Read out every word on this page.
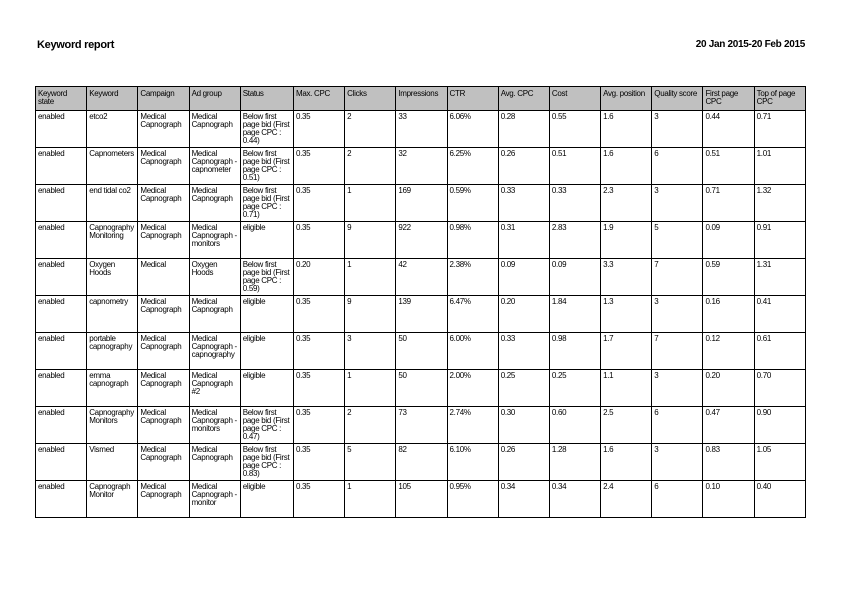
Keyword report	20 Jan 2015-20 Feb 2015
Keyword state	Keyword	Campaign	Ad group	Status	Max. CPC	Clicks	Impressions	CTR	Avg. CPC	Cost	Avg. position	Quality score	First page CPC	Top of page CPC
enabled	etco2	Medical Capnograph	Medical Capnograph	Below first page bid (First page CPC : 0.44)	0.35	2	33	6.06%	0.28	0.55	1.6	3	0.44	0.71
enabled	Capnometers	Medical Capnograph	Medical Capnograph - capnometer	Below first page bid (First page CPC : 0.51)	0.35	2	32	6.25%	0.26	0.51	1.6	6	0.51	1.01
enabled	end tidal co2	Medical Capnograph	Medical Capnograph	Below first page bid (First page CPC : 0.71)	0.35	1	169	0.59%	0.33	0.33	2.3	3	0.71	1.32
enabled	Capnography Monitoring	Medical Capnograph	Medical Capnograph - monitors	eligible	0.35	9	922	0.98%	0.31	2.83	1.9	5	0.09	0.91
enabled	Oxygen Hoods	Medical	Oxygen Hoods	Below first page bid (First page CPC : 0.59)	0.20	1	42	2.38%	0.09	0.09	3.3	7	0.59	1.31
enabled	capnometry	Medical Capnograph	Medical Capnograph	eligible	0.35	9	139	6.47%	0.20	1.84	1.3	3	0.16	0.41
enabled	portable capnography	Medical Capnograph	Medical Capnograph - capnography	eligible	0.35	3	50	6.00%	0.33	0.98	1.7	7	0.12	0.61
enabled	emma capnograph	Medical Capnograph	Medical Capnograph #2	eligible	0.35	1	50	2.00%	0.25	0.25	1.1	3	0.20	0.70
enabled	Capnography Monitors	Medical Capnograph	Medical Capnograph - monitors	Below first page bid (First page CPC : 0.47)	0.35	2	73	2.74%	0.30	0.60	2.5	6	0.47	0.90
enabled	Vismed	Medical Capnograph	Medical Capnograph	Below first page bid (First page CPC : 0.83)	0.35	5	82	6.10%	0.26	1.28	1.6	3	0.83	1.05
enabled	Capnograph Monitor	Medical Capnograph	Medical Capnograph - monitor	eligible	0.35	1	105	0.95%	0.34	0.34	2.4	6	0.10	0.40
